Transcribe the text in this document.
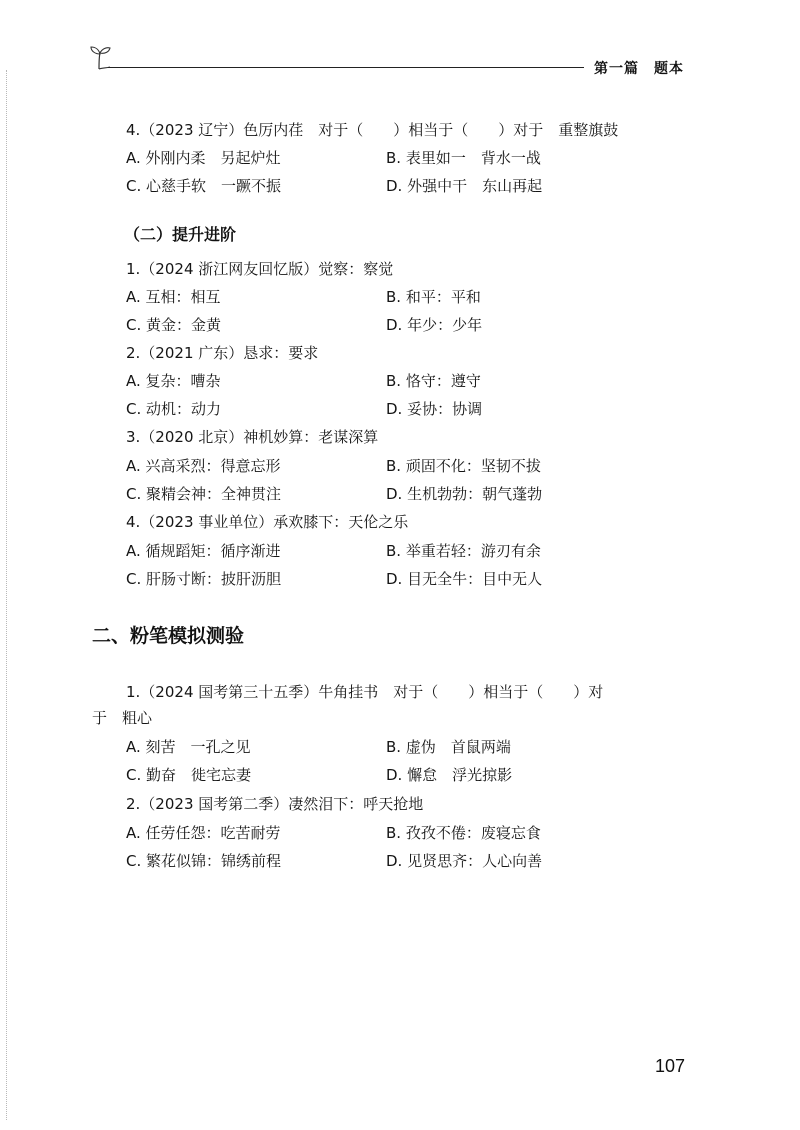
第一篇　题本
4.（2023 辽宁）色厉内荏　对于（　　）相当于（　　）对于　重整旗鼓
A. 外刚内柔　另起炉灶	B. 表里如一　背水一战
C. 心慈手软　一蹶不振	D. 外强中干　东山再起
（二）提升进阶
1.（2024 浙江网友回忆版）觉察：察觉
A. 互相：相互	B. 和平：平和
C. 黄金：金黄	D. 年少：少年
2.（2021 广东）恳求：要求
A. 复杂：嘈杂	B. 恪守：遵守
C. 动机：动力	D. 妥协：协调
3.（2020 北京）神机妙算：老谋深算
A. 兴高采烈：得意忘形	B. 顽固不化：坚韧不拔
C. 聚精会神：全神贯注	D. 生机勃勃：朝气蓬勃
4.（2023 事业单位）承欢膝下：天伦之乐
A. 循规蹈矩：循序渐进	B. 举重若轻：游刃有余
C. 肝肠寸断：披肝沥胆	D. 目无全牛：目中无人
二、粉笔模拟测验
1.（2024 国考第三十五季）牛角挂书　对于（　　）相当于（　　）对
于　粗心
A. 刻苦　一孔之见	B. 虚伪　首鼠两端
C. 勤奋　徙宅忘妻	D. 懈怠　浮光掠影
2.（2023 国考第二季）凄然泪下：呼天抢地
A. 任劳任怨：吃苦耐劳	B. 孜孜不倦：废寝忘食
C. 繁花似锦：锦绣前程	D. 见贤思齐：人心向善
107
